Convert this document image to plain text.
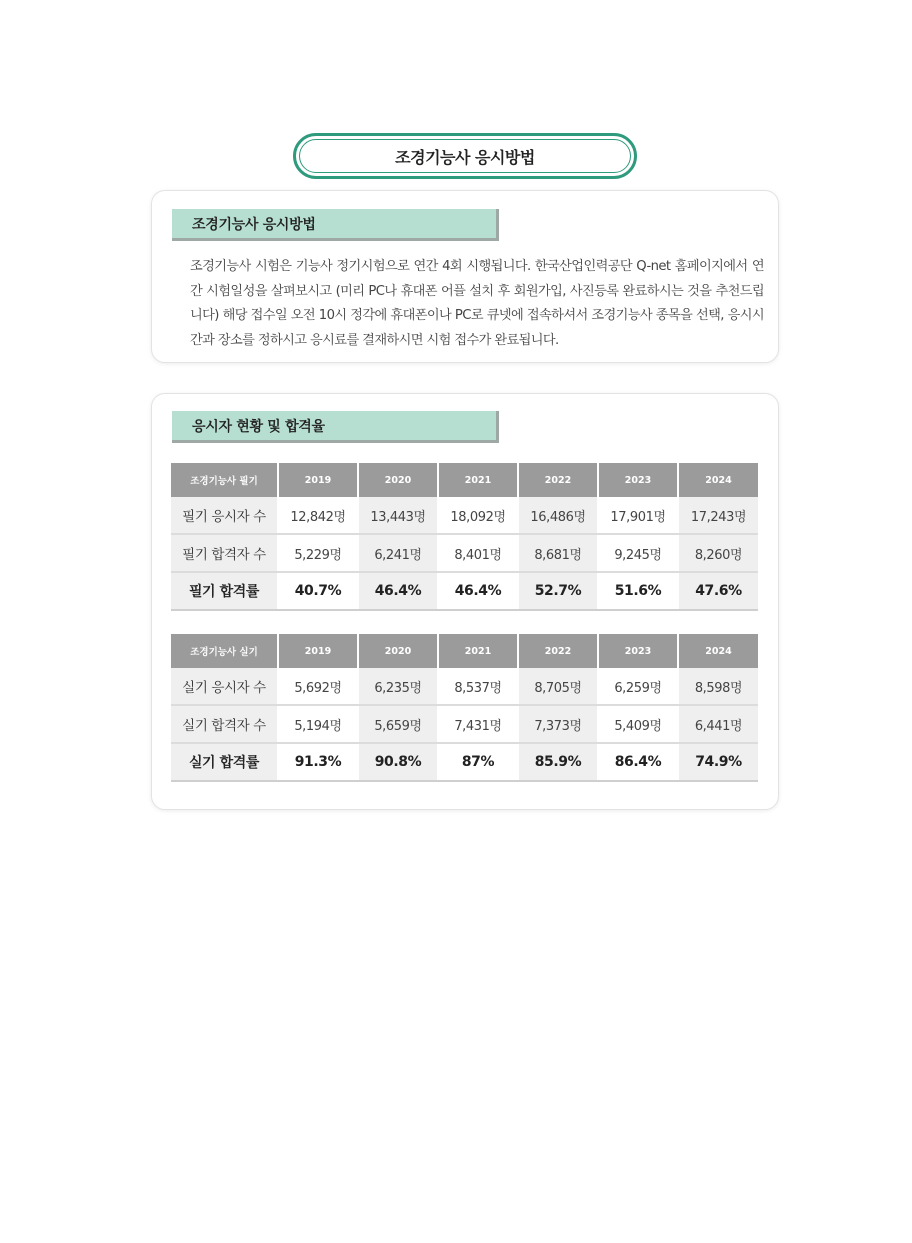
조경기능사 응시방법
조경기능사 응시방법
조경기능사 시험은 기능사 정기시험으로 연간 4회 시행됩니다. 한국산업인력공단 Q-net 홈페이지에서 연간 시험일성을 살펴보시고 (미리 PC나 휴대폰 어플 설치 후 회원가입, 사진등록 완료하시는 것을 추천드립니다) 해당 접수일 오전 10시 정각에 휴대폰이나 PC로 큐넷에 접속하셔서 조경기능사 종목을 선택, 응시시간과 장소를 정하시고 응시료를 결재하시면 시험 접수가 완료됩니다.
응시자 현황 및 합격율
조경기능사 필기	2019	2020	2021	2022	2023	2024
필기 응시자 수	12,842명	13,443명	18,092명	16,486명	17,901명	17,243명
필기 합격자 수	5,229명	6,241명	8,401명	8,681명	9,245명	8,260명
필기 합격률	40.7%	46.4%	46.4%	52.7%	51.6%	47.6%
조경기능사 실기	2019	2020	2021	2022	2023	2024
실기 응시자 수	5,692명	6,235명	8,537명	8,705명	6,259명	8,598명
실기 합격자 수	5,194명	5,659명	7,431명	7,373명	5,409명	6,441명
실기 합격률	91.3%	90.8%	87%	85.9%	86.4%	74.9%
